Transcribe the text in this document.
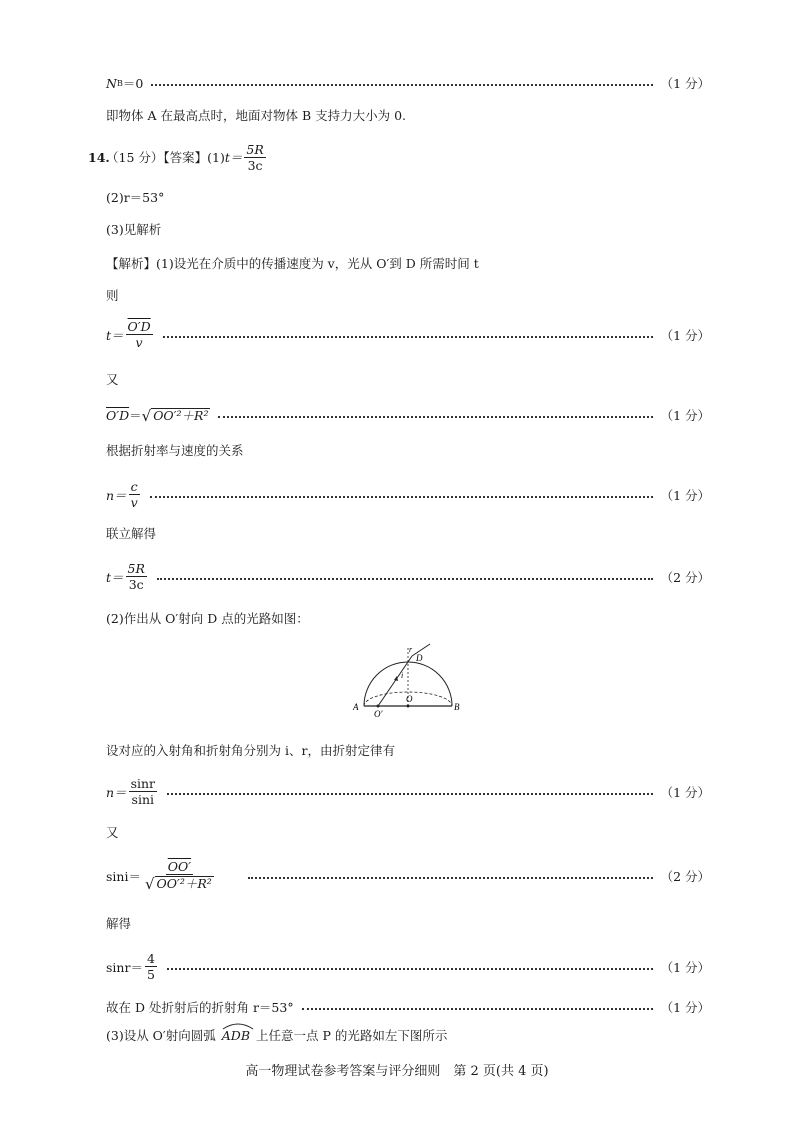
N B ＝0	（1 分）
即物体 A 在最高点时，地面对物体 B 支持力大小为 0.
14.
（15 分）【答案】(1) $t= \frac{5R}{3c}$
(2)r＝53°
(3)见解析
【解析】(1)设光在介质中的传播速度为 v，光从 O′到 D 所需时间 t
则
$t= \frac{O'D}{v}$	（1 分）
又
O′D ＝ √ OO′²＋R²	（1 分）
根据折射率与速度的关系
$n= \frac{c}{v}$	（1 分）
联立解得
$t= \frac{5R}{3c}$	（2 分）
(2)作出从 O′射向 D 点的光路如图：
A	B
O
O′
D
r
i
设对应的入射角和折射角分别为 i、r，由折射定律有
$n= \frac{\sin r}{\sin i}$	（1 分）
又
$\sin i= \frac{OO'}{\text{√ OO′²＋R²}}$	（2 分）
解得
$\sin r= \frac{4}{5}$	（1 分）
故在 D 处折射后的折射角 r＝53°	（1 分）
(3)设从 O′射向圆弧 ADB 上任意一点 P 的光路如左下图所示
高一物理试卷参考答案与评分细则　第 2 页(共 4 页)
